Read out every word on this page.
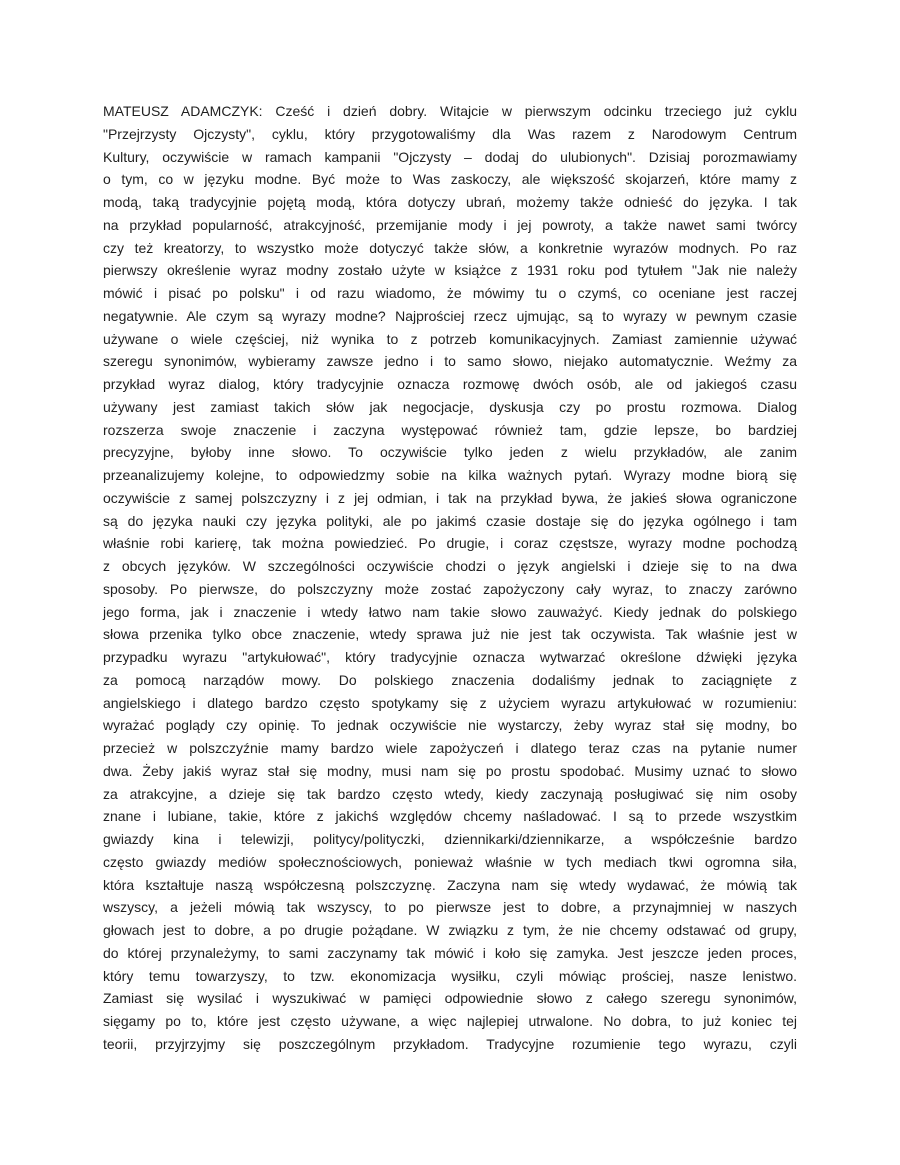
MATEUSZ ADAMCZYK: Cześć i dzień dobry. Witajcie w pierwszym odcinku trzeciego już cyklu
"Przejrzysty Ojczysty", cyklu, który przygotowaliśmy dla Was razem z Narodowym Centrum
Kultury, oczywiście w ramach kampanii "Ojczysty – dodaj do ulubionych". Dzisiaj porozmawiamy
o tym, co w języku modne. Być może to Was zaskoczy, ale większość skojarzeń, które mamy z
modą, taką tradycyjnie pojętą modą, która dotyczy ubrań, możemy także odnieść do języka. I tak
na przykład popularność, atrakcyjność, przemijanie mody i jej powroty, a także nawet sami twórcy
czy też kreatorzy, to wszystko może dotyczyć także słów, a konkretnie wyrazów modnych. Po raz
pierwszy określenie wyraz modny zostało użyte w książce z 1931 roku pod tytułem "Jak nie należy
mówić i pisać po polsku" i od razu wiadomo, że mówimy tu o czymś, co oceniane jest raczej
negatywnie. Ale czym są wyrazy modne? Najprościej rzecz ujmując, są to wyrazy w pewnym czasie
używane o wiele częściej, niż wynika to z potrzeb komunikacyjnych. Zamiast zamiennie używać
szeregu synonimów, wybieramy zawsze jedno i to samo słowo, niejako automatycznie. Weźmy za
przykład wyraz dialog, który tradycyjnie oznacza rozmowę dwóch osób, ale od jakiegoś czasu
używany jest zamiast takich słów jak negocjacje, dyskusja czy po prostu rozmowa. Dialog
rozszerza swoje znaczenie i zaczyna występować również tam, gdzie lepsze, bo bardziej
precyzyjne, byłoby inne słowo. To oczywiście tylko jeden z wielu przykładów, ale zanim
przeanalizujemy kolejne, to odpowiedzmy sobie na kilka ważnych pytań. Wyrazy modne biorą się
oczywiście z samej polszczyzny i z jej odmian, i tak na przykład bywa, że jakieś słowa ograniczone
są do języka nauki czy języka polityki, ale po jakimś czasie dostaje się do języka ogólnego i tam
właśnie robi karierę, tak można powiedzieć. Po drugie, i coraz częstsze, wyrazy modne pochodzą
z obcych języków. W szczególności oczywiście chodzi o język angielski i dzieje się to na dwa
sposoby. Po pierwsze, do polszczyzny może zostać zapożyczony cały wyraz, to znaczy zarówno
jego forma, jak i znaczenie i wtedy łatwo nam takie słowo zauważyć. Kiedy jednak do polskiego
słowa przenika tylko obce znaczenie, wtedy sprawa już nie jest tak oczywista. Tak właśnie jest w
przypadku wyrazu "artykułować", który tradycyjnie oznacza wytwarzać określone dźwięki języka
za pomocą narządów mowy. Do polskiego znaczenia dodaliśmy jednak to zaciągnięte z
angielskiego i dlatego bardzo często spotykamy się z użyciem wyrazu artykułować w rozumieniu:
wyrażać poglądy czy opinię. To jednak oczywiście nie wystarczy, żeby wyraz stał się modny, bo
przecież w polszczyźnie mamy bardzo wiele zapożyczeń i dlatego teraz czas na pytanie numer
dwa. Żeby jakiś wyraz stał się modny, musi nam się po prostu spodobać. Musimy uznać to słowo
za atrakcyjne, a dzieje się tak bardzo często wtedy, kiedy zaczynają posługiwać się nim osoby
znane i lubiane, takie, które z jakichś względów chcemy naśladować. I są to przede wszystkim
gwiazdy kina i telewizji, politycy/polityczki, dziennikarki/dziennikarze, a współcześnie bardzo
często gwiazdy mediów społecznościowych, ponieważ właśnie w tych mediach tkwi ogromna siła,
która kształtuje naszą współczesną polszczyznę. Zaczyna nam się wtedy wydawać, że mówią tak
wszyscy, a jeżeli mówią tak wszyscy, to po pierwsze jest to dobre, a przynajmniej w naszych
głowach jest to dobre, a po drugie pożądane. W związku z tym, że nie chcemy odstawać od grupy,
do której przynależymy, to sami zaczynamy tak mówić i koło się zamyka. Jest jeszcze jeden proces,
który temu towarzyszy, to tzw. ekonomizacja wysiłku, czyli mówiąc prościej, nasze lenistwo.
Zamiast się wysilać i wyszukiwać w pamięci odpowiednie słowo z całego szeregu synonimów,
sięgamy po to, które jest często używane, a więc najlepiej utrwalone. No dobra, to już koniec tej
teorii, przyjrzyjmy się poszczególnym przykładom. Tradycyjne rozumienie tego wyrazu, czyli
